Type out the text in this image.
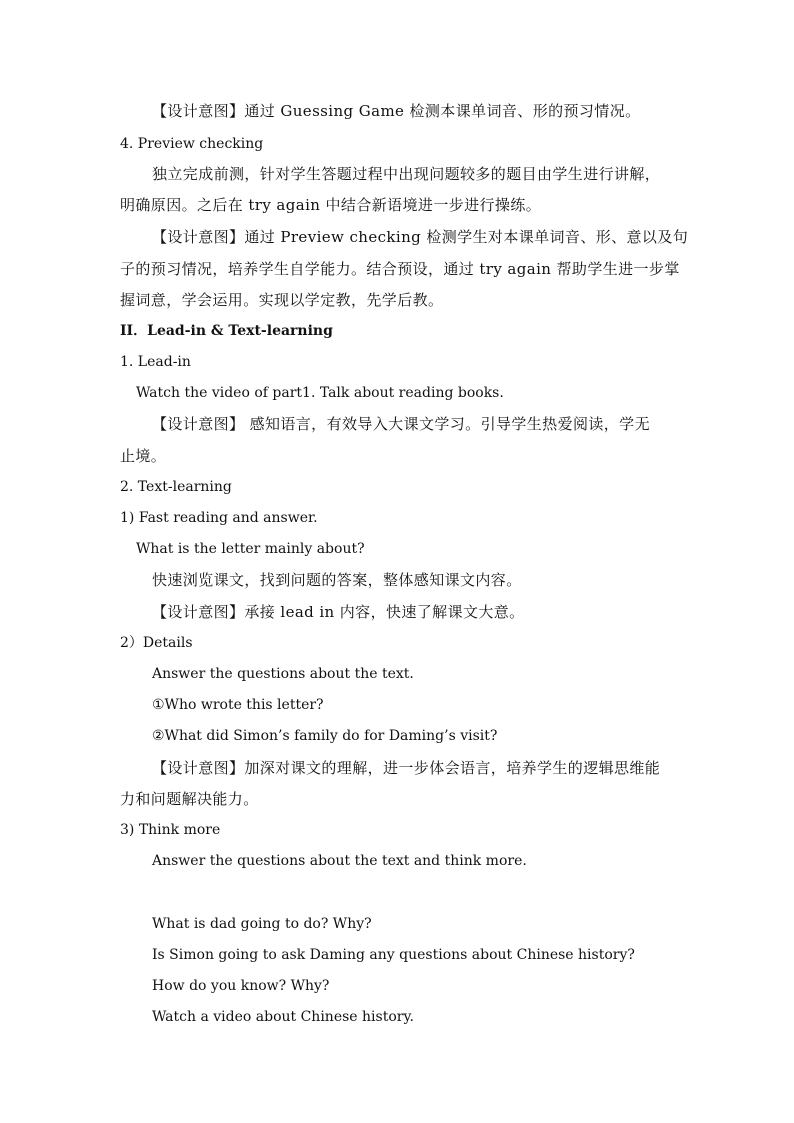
【设计意图】通过 Guessing Game 检测本课单词音、形的预习情况。

4. Preview checking

独立完成前测，针对学生答题过程中出现问题较多的题目由学生进行讲解，

明确原因。之后在 try again 中结合新语境进一步进行操练。

【设计意图】通过 Preview checking 检测学生对本课单词音、形、意以及句

子的预习情况，培养学生自学能力。结合预设，通过 try again 帮助学生进一步掌

握词意，学会运用。实现以学定教，先学后教。

II．Lead-in & Text-learning

1. Lead-in

Watch the video of part1. Talk about reading books.

【设计意图】 感知语言，有效导入大课文学习。引导学生热爱阅读，学无

止境。

2. Text-learning

1) Fast reading and answer.

What is the letter mainly about?

快速浏览课文，找到问题的答案，整体感知课文内容。

【设计意图】承接 lead in 内容，快速了解课文大意。

2）Details

Answer the questions about the text.

①Who wrote this letter?

②What did Simon’s family do for Daming’s visit?

【设计意图】加深对课文的理解，进一步体会语言，培养学生的逻辑思维能

力和问题解决能力。

3) Think more

Answer the questions about the text and think more.

What is dad going to do? Why?

Is Simon going to ask Daming any questions about Chinese history?

How do you know? Why?

Watch a video about Chinese history.
